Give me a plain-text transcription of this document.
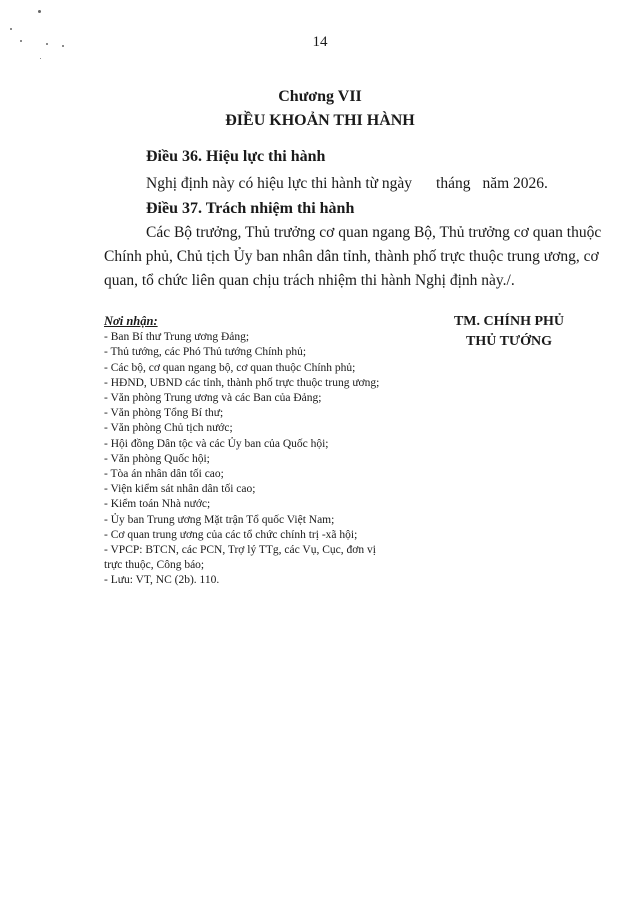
14
Chương VII
ĐIỀU KHOẢN THI HÀNH
Điều 36. Hiệu lực thi hành
Nghị định này có hiệu lực thi hành từ ngày tháng năm 2026.
Điều 37. Trách nhiệm thi hành
Các Bộ trưởng, Thủ trưởng cơ quan ngang Bộ, Thủ trưởng cơ quan thuộc
Chính phủ, Chủ tịch Ủy ban nhân dân tỉnh, thành phố trực thuộc trung ương, cơ
quan, tổ chức liên quan chịu trách nhiệm thi hành Nghị định này./.
Nơi nhận:
- Ban Bí thư Trung ương Đảng;
- Thủ tướng, các Phó Thủ tướng Chính phủ;
- Các bộ, cơ quan ngang bộ, cơ quan thuộc Chính phủ;
- HĐND, UBND các tỉnh, thành phố trực thuộc trung ương;
- Văn phòng Trung ương và các Ban của Đảng;
- Văn phòng Tổng Bí thư;
- Văn phòng Chủ tịch nước;
- Hội đồng Dân tộc và các Ủy ban của Quốc hội;
- Văn phòng Quốc hội;
- Tòa án nhân dân tối cao;
- Viện kiểm sát nhân dân tối cao;
- Kiểm toán Nhà nước;
- Ủy ban Trung ương Mặt trận Tổ quốc Việt Nam;
- Cơ quan trung ương của các tổ chức chính trị -xã hội;
- VPCP: BTCN, các PCN, Trợ lý TTg, các Vụ, Cục, đơn vị
trực thuộc, Công báo;
- Lưu: VT, NC (2b). 110.
TM. CHÍNH PHỦ
THỦ TƯỚNG
